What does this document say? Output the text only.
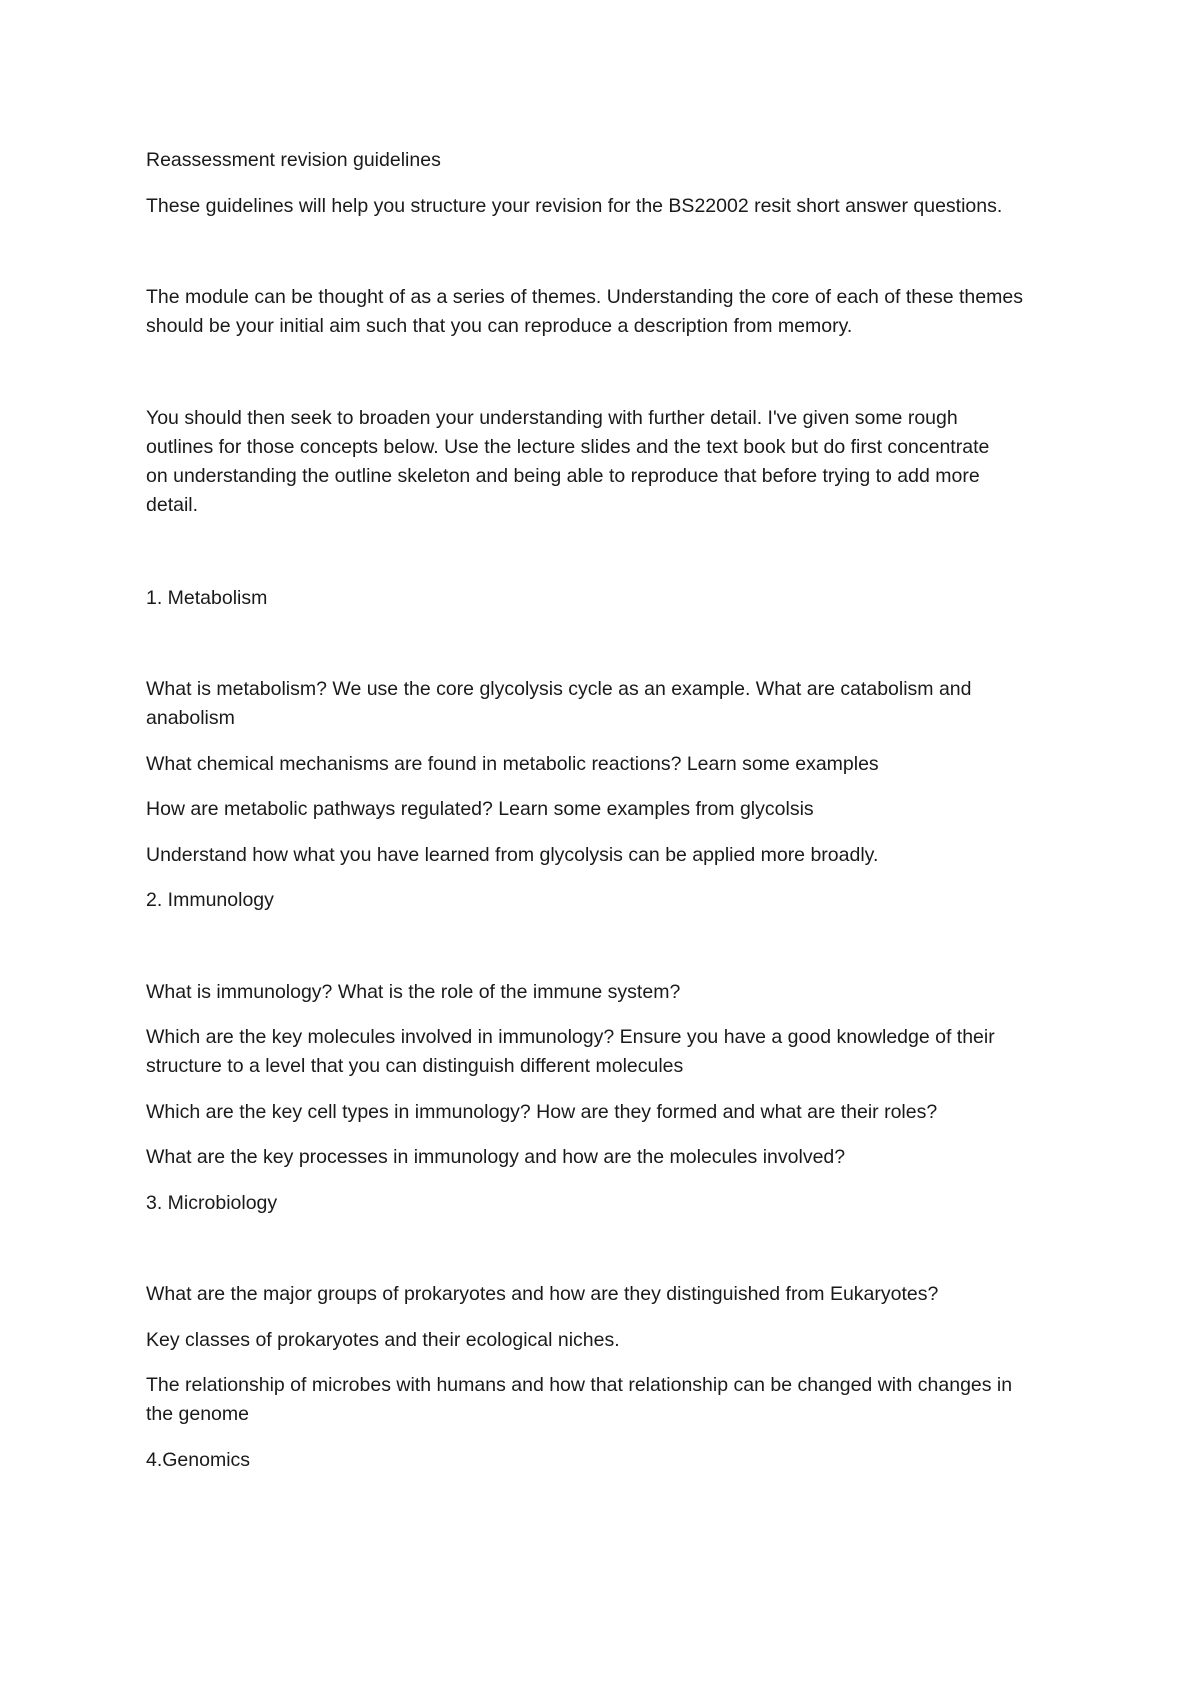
Reassessment revision guidelines
These guidelines will help you structure your revision for the BS22002 resit short answer questions.
The module can be thought of as a series of themes. Understanding the core of each of these themes
should be your initial aim such that you can reproduce a description from memory.
You should then seek to broaden your understanding with further detail. I've given some rough
outlines for those concepts below. Use the lecture slides and the text book but do first concentrate
on understanding the outline skeleton and being able to reproduce that before trying to add more
detail.
1. Metabolism
What is metabolism? We use the core glycolysis cycle as an example. What are catabolism and
anabolism
What chemical mechanisms are found in metabolic reactions? Learn some examples
How are metabolic pathways regulated? Learn some examples from glycolsis
Understand how what you have learned from glycolysis can be applied more broadly.
2. Immunology
What is immunology? What is the role of the immune system?
Which are the key molecules involved in immunology? Ensure you have a good knowledge of their
structure to a level that you can distinguish different molecules
Which are the key cell types in immunology? How are they formed and what are their roles?
What are the key processes in immunology and how are the molecules involved?
3. Microbiology
What are the major groups of prokaryotes and how are they distinguished from Eukaryotes?
Key classes of prokaryotes and their ecological niches.
The relationship of microbes with humans and how that relationship can be changed with changes in
the genome
4.Genomics
